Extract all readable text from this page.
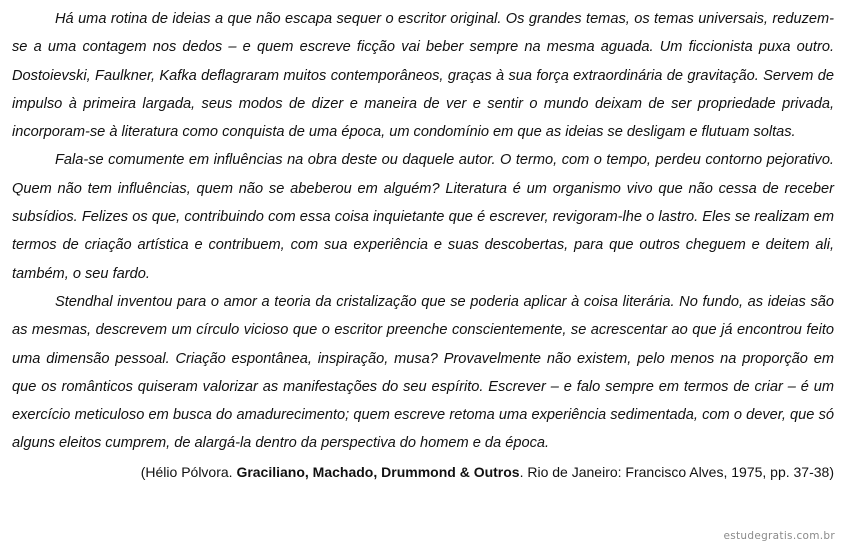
Há uma rotina de ideias a que não escapa sequer o escritor original. Os grandes temas, os temas universais, reduzem-se a uma contagem nos dedos – e quem escreve ficção vai beber sempre na mesma aguada. Um ficcionista puxa outro. Dostoievski, Faulkner, Kafka deflagraram muitos contemporâneos, graças à sua força extraordinária de gravitação. Servem de impulso à primeira largada, seus modos de dizer e maneira de ver e sentir o mundo deixam de ser propriedade privada, incorporam-se à literatura como conquista de uma época, um condomínio em que as ideias se desligam e flutuam soltas.

Fala-se comumente em influências na obra deste ou daquele autor. O termo, com o tempo, perdeu contorno pejorativo. Quem não tem influências, quem não se abeberou em alguém? Literatura é um organismo vivo que não cessa de receber subsídios. Felizes os que, contribuindo com essa coisa inquietante que é escrever, revigoram-lhe o lastro. Eles se realizam em termos de criação artística e contribuem, com sua experiência e suas descobertas, para que outros cheguem e deitem ali, também, o seu fardo.

Stendhal inventou para o amor a teoria da cristalização que se poderia aplicar à coisa literária. No fundo, as ideias são as mesmas, descrevem um círculo vicioso que o escritor preenche conscientemente, se acrescentar ao que já encontrou feito uma dimensão pessoal. Criação espontânea, inspiração, musa? Provavelmente não existem, pelo menos na proporção em que os românticos quiseram valorizar as manifestações do seu espírito. Escrever – e falo sempre em termos de criar – é um exercício meticuloso em busca do amadurecimento; quem escreve retoma uma experiência sedimentada, com o dever, que só alguns eleitos cumprem, de alargá-la dentro da perspectiva do homem e da época.

(Hélio Pólvora. Graciliano, Machado, Drummond & Outros. Rio de Janeiro: Francisco Alves, 1975, pp. 37-38)

estudegratis.com.br
